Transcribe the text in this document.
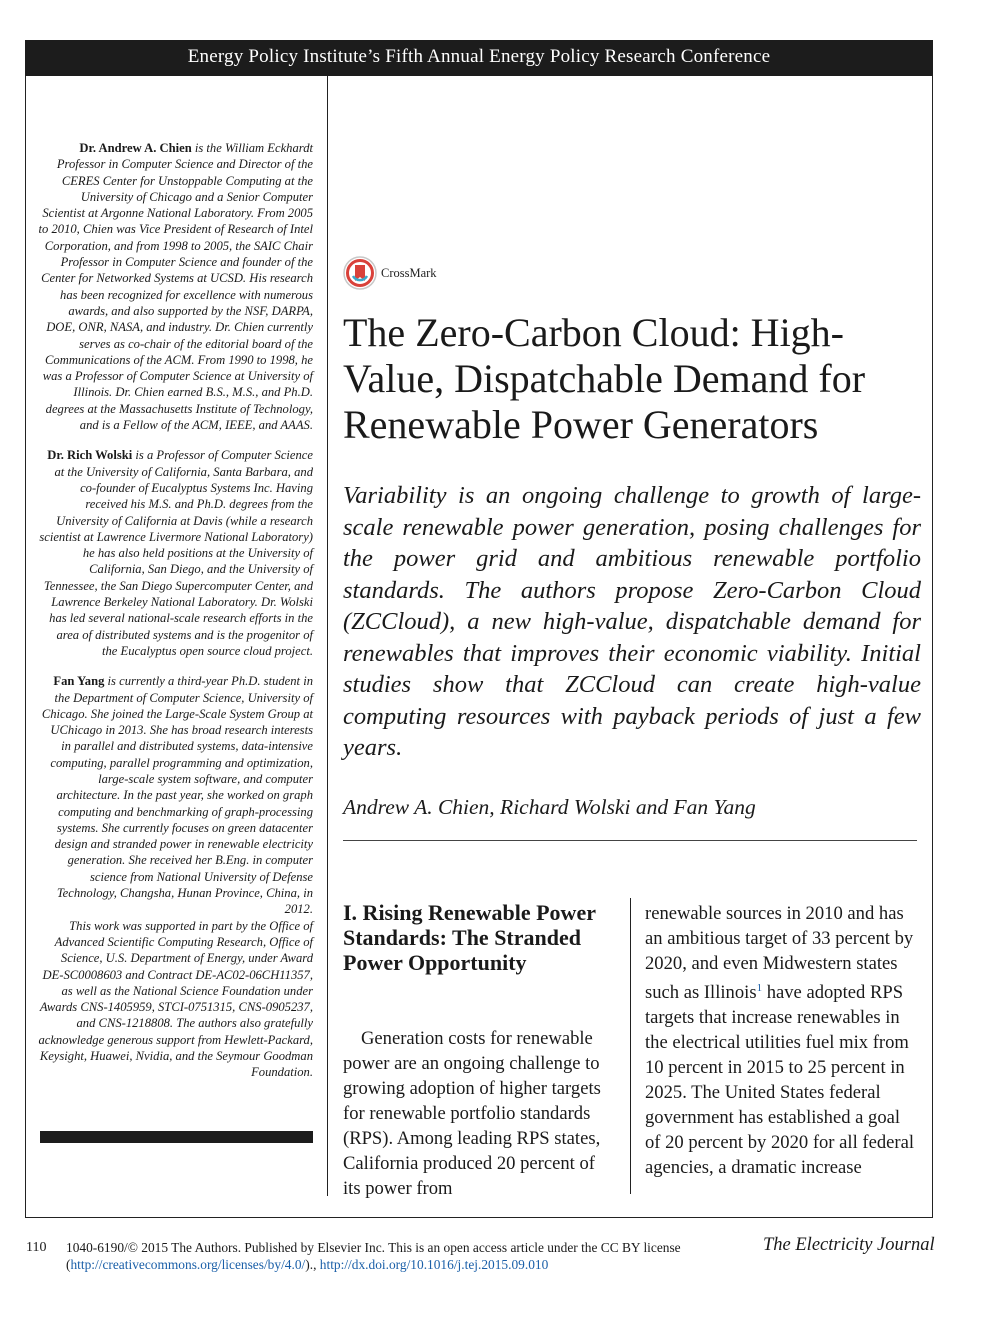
Energy Policy Institute’s Fifth Annual Energy Policy Research Conference

Dr. Andrew A. Chien is the William Eckhardt Professor in Computer Science and Director of the CERES Center for Unstoppable Computing at the University of Chicago and a Senior Computer Scientist at Argonne National Laboratory. From 2005 to 2010, Chien was Vice President of Research of Intel Corporation, and from 1998 to 2005, the SAIC Chair Professor in Computer Science and founder of the Center for Networked Systems at UCSD. His research has been recognized for excellence with numerous awards, and also supported by the NSF, DARPA, DOE, ONR, NASA, and industry. Dr. Chien currently serves as co-chair of the editorial board of the Communications of the ACM. From 1990 to 1998, he was a Professor of Computer Science at University of Illinois. Dr. Chien earned B.S., M.S., and Ph.D. degrees at the Massachusetts Institute of Technology, and is a Fellow of the ACM, IEEE, and AAAS.

Dr. Rich Wolski is a Professor of Computer Science at the University of California, Santa Barbara, and co-founder of Eucalyptus Systems Inc. Having received his M.S. and Ph.D. degrees from the University of California at Davis (while a research scientist at Lawrence Livermore National Laboratory) he has also held positions at the University of California, San Diego, and the University of Tennessee, the San Diego Supercomputer Center, and Lawrence Berkeley National Laboratory. Dr. Wolski has led several national-scale research efforts in the area of distributed systems and is the progenitor of the Eucalyptus open source cloud project.

Fan Yang is currently a third-year Ph.D. student in the Department of Computer Science, University of Chicago. She joined the Large-Scale System Group at UChicago in 2013. She has broad research interests in parallel and distributed systems, data-intensive computing, parallel programming and optimization, large-scale system software, and computer architecture. In the past year, she worked on graph computing and benchmarking of graph-processing systems. She currently focuses on green datacenter design and stranded power in renewable electricity generation. She received her B.Eng. in computer science from National University of Defense Technology, Changsha, Hunan Province, China, in 2012.
This work was supported in part by the Office of Advanced Scientific Computing Research, Office of Science, U.S. Department of Energy, under Award DE-SC0008603 and Contract DE-AC02-06CH11357, as well as the National Science Foundation under Awards CNS-1405959, STCI-0751315, CNS-0905237, and CNS-1218808. The authors also gratefully acknowledge generous support from Hewlett-Packard, Keysight, Huawei, Nvidia, and the Seymour Goodman Foundation.

CrossMark
The Zero-Carbon Cloud: High-Value, Dispatchable Demand for Renewable Power Generators

Variability is an ongoing challenge to growth of large-scale renewable power generation, posing challenges for the power grid and ambitious renewable portfolio standards. The authors propose Zero-Carbon Cloud (ZCCloud), a new high-value, dispatchable demand for renewables that improves their economic viability. Initial studies show that ZCCloud can create high-value computing resources with payback periods of just a few years.

Andrew A. Chien, Richard Wolski and Fan Yang
I. Rising Renewable Power Standards: The Stranded Power Opportunity

Generation costs for renewable power are an ongoing challenge to growing adoption of higher targets for renewable portfolio standards (RPS). Among leading RPS states, California produced 20 percent of its power from

renewable sources in 2010 and has an ambitious target of 33 percent by 2020, and even Midwestern states such as Illinois$^1$ have adopted RPS targets that increase renewables in the electrical utilities fuel mix from 10 percent in 2015 to 25 percent in 2025. The United States federal government has established a goal of 20 percent by 2020 for all federal agencies, a dramatic increase

110 1040-6190/© 2015 The Authors. Published by Elsevier Inc. This is an open access article under the CC BY license
(http://creativecommons.org/licenses/by/4.0/)., http://dx.doi.org/10.1016/j.tej.2015.09.010
The Electricity Journal
